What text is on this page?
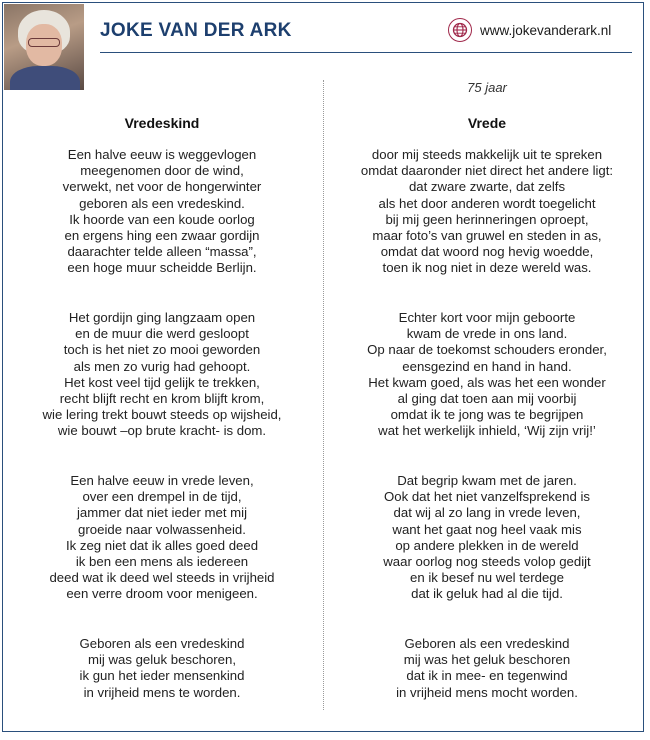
JOKE VAN DER ARK	www.jokevanderark.nl
Vredeskind
Een halve eeuw is weggevlogen
meegenomen door de wind,
verwekt, net voor de hongerwinter
geboren als een vredeskind.
Ik hoorde van een koude oorlog
en ergens hing een zwaar gordijn
daarachter telde alleen “massa”,
een hoge muur scheidde Berlijn.
Het gordijn ging langzaam open
en de muur die werd gesloopt
toch is het niet zo mooi geworden
als men zo vurig had gehoopt.
Het kost veel tijd gelijk te trekken,
recht blijft recht en krom blijft krom,
wie lering trekt bouwt steeds op wijsheid,
wie bouwt –op brute kracht- is dom.
Een halve eeuw in vrede leven,
over een drempel in de tijd,
jammer dat niet ieder met mij
groeide naar volwassenheid.
Ik zeg niet dat ik alles goed deed
ik ben een mens als iedereen
deed wat ik deed wel steeds in vrijheid
een verre droom voor menigeen.
Geboren als een vredeskind
mij was geluk beschoren,
ik gun het ieder mensenkind
in vrijheid mens te worden.
75 jaar
Vrede
door mij steeds makkelijk uit te spreken
omdat daaronder niet direct het andere ligt:
dat zware zwarte, dat zelfs
als het door anderen wordt toegelicht
bij mij geen herinneringen oproept,
maar foto’s van gruwel en steden in as,
omdat dat woord nog hevig woedde,
toen ik nog niet in deze wereld was.
Echter kort voor mijn geboorte
kwam de vrede in ons land.
Op naar de toekomst schouders eronder,
eensgezind en hand in hand.
Het kwam goed, als was het een wonder
al ging dat toen aan mij voorbij
omdat ik te jong was te begrijpen
wat het werkelijk inhield, ‘Wij zijn vrij!’
Dat begrip kwam met de jaren.
Ook dat het niet vanzelfsprekend is
dat wij al zo lang in vrede leven,
want het gaat nog heel vaak mis
op andere plekken in de wereld
waar oorlog nog steeds volop gedijt
en ik besef nu wel terdege
dat ik geluk had al die tijd.
Geboren als een vredeskind
mij was het geluk beschoren
dat ik in mee- en tegenwind
in vrijheid mens mocht worden.
